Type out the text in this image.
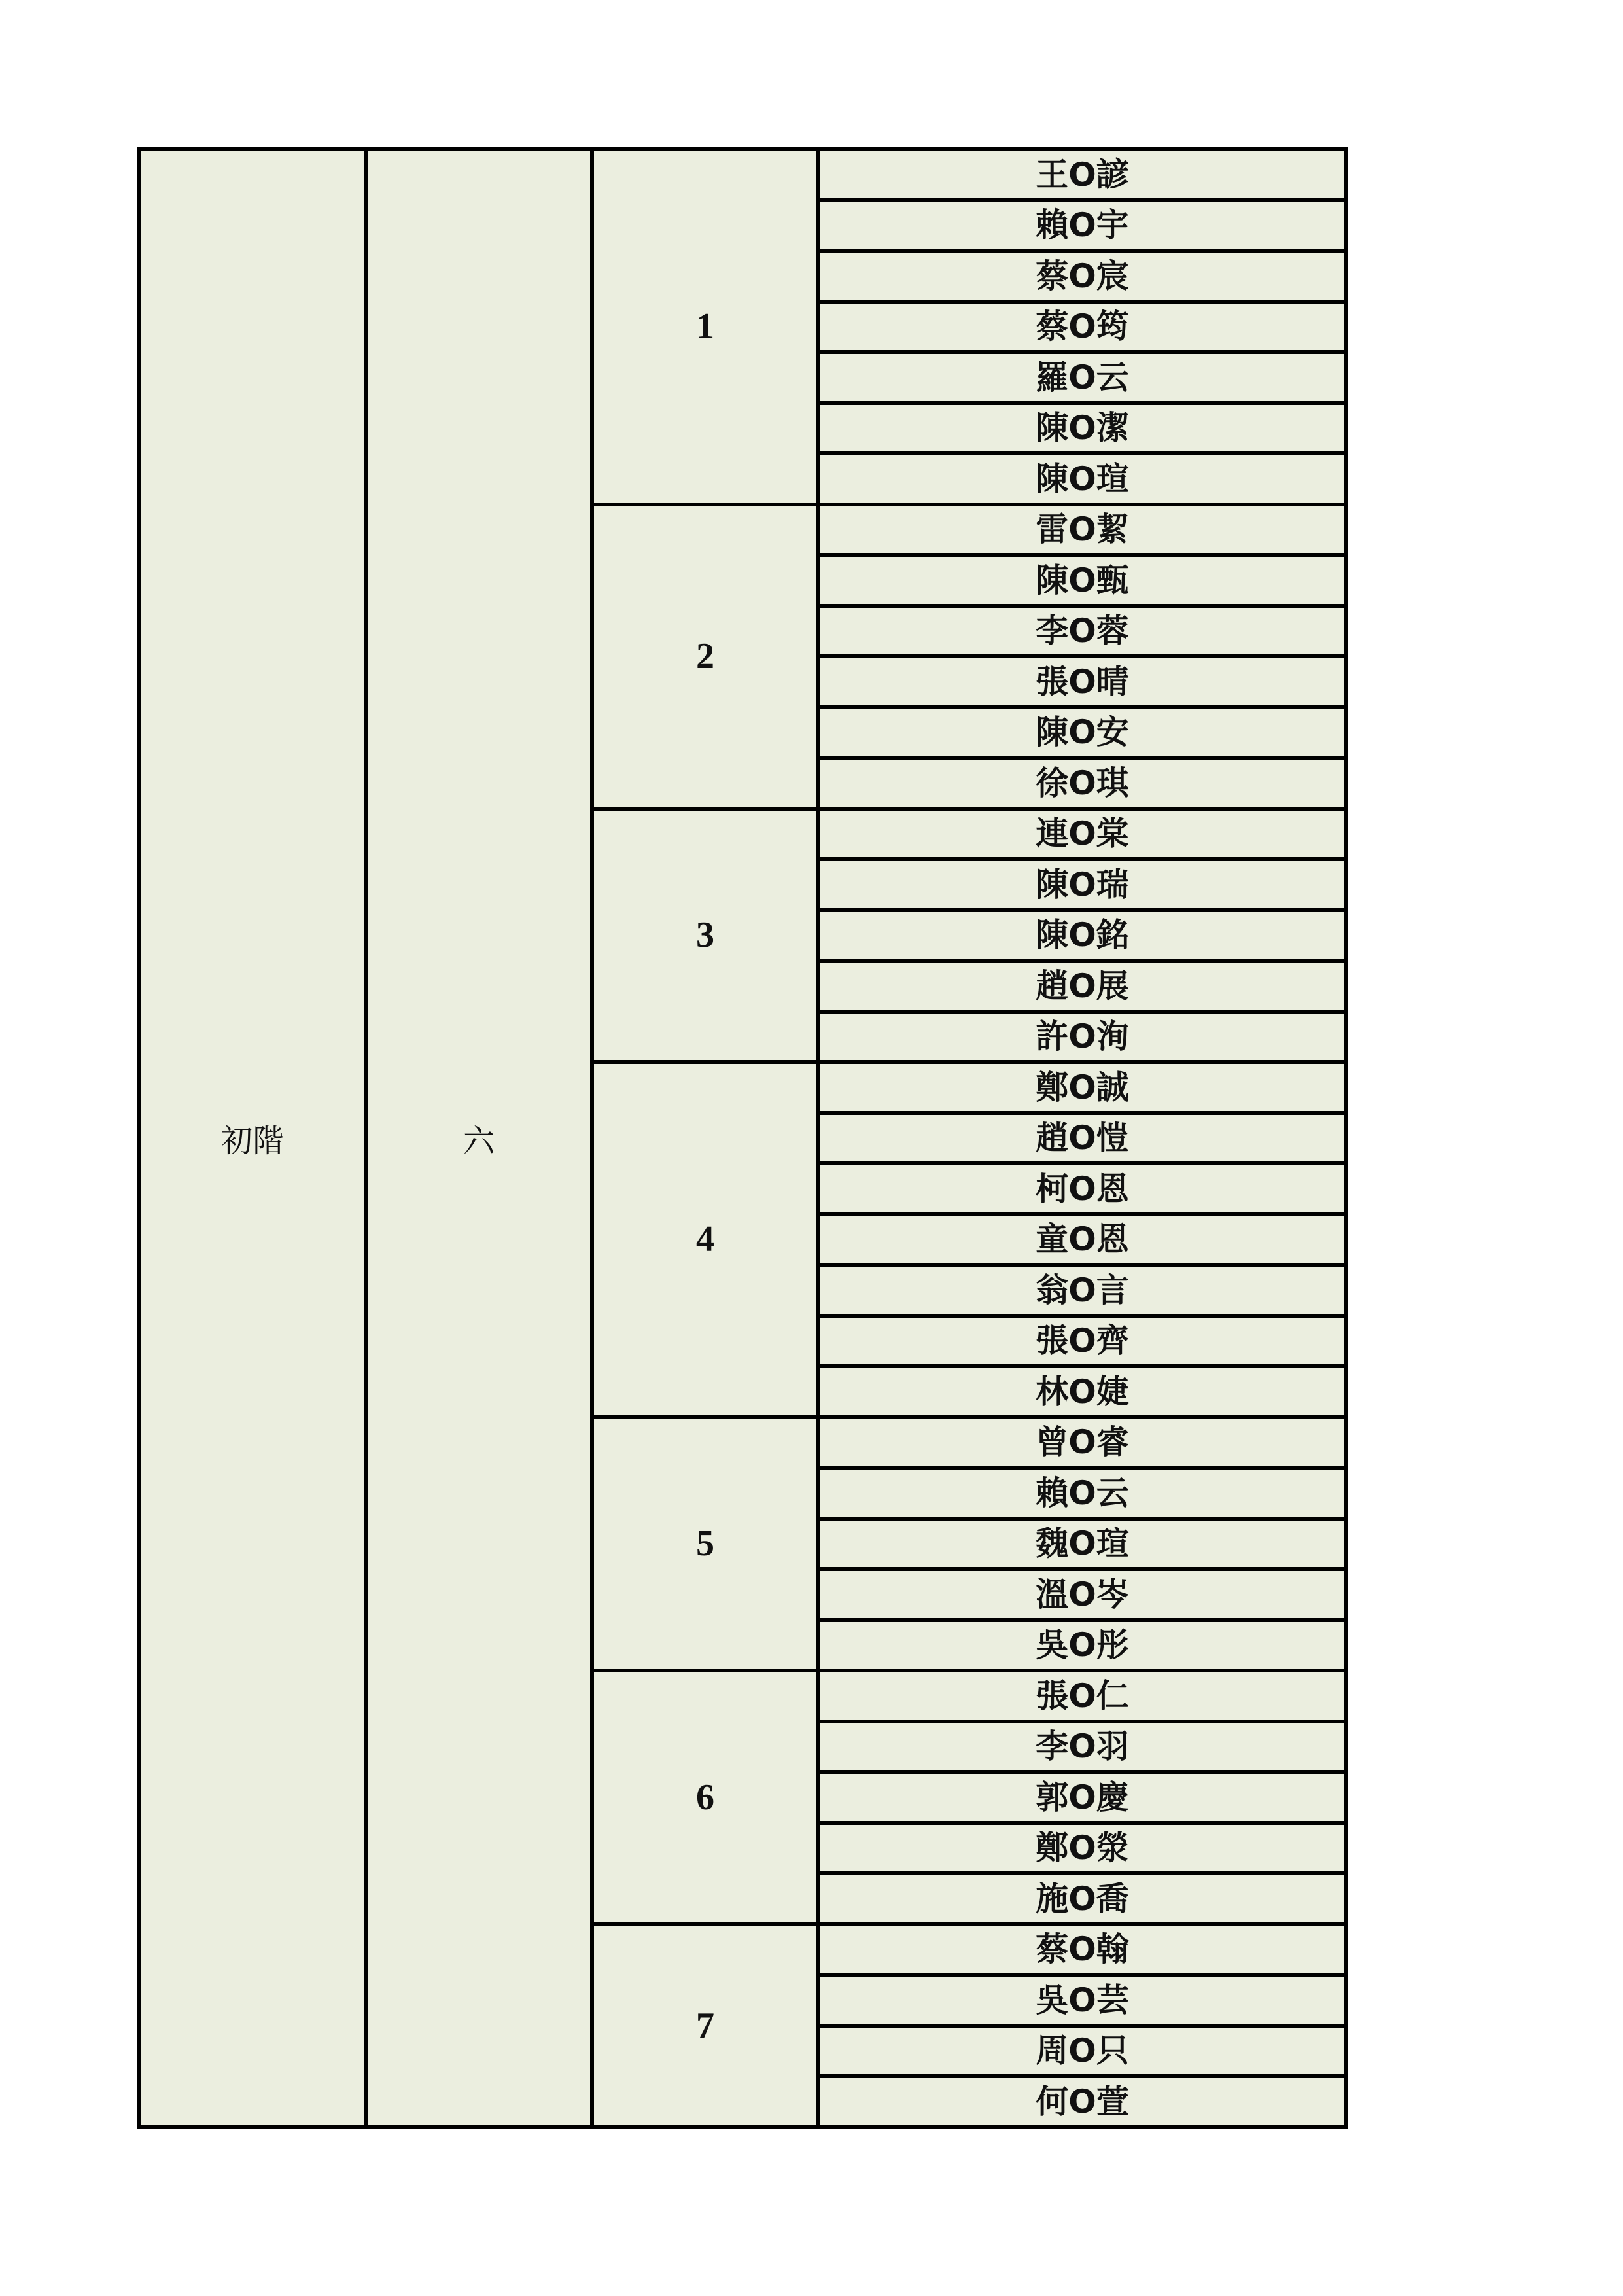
初階	六	1	王O諺
			賴O宇
			蔡O宸
			蔡O筠
			羅O云
			陳O潔
			陳O瑄
		2	雷O絜
			陳O甄
			李O蓉
			張O晴
			陳O安
			徐O琪
		3	連O棠
			陳O瑞
			陳O銘
			趙O展
			許O洵
		4	鄭O誠
			趙O愷
			柯O恩
			童O恩
			翁O言
			張O齊
			林O婕
		5	曾O睿
			賴O云
			魏O瑄
			溫O岑
			吳O彤
		6	張O仁
			李O羽
			郭O慶
			鄭O滎
			施O喬
		7	蔡O翰
			吳O芸
			周O只
			何O萱
